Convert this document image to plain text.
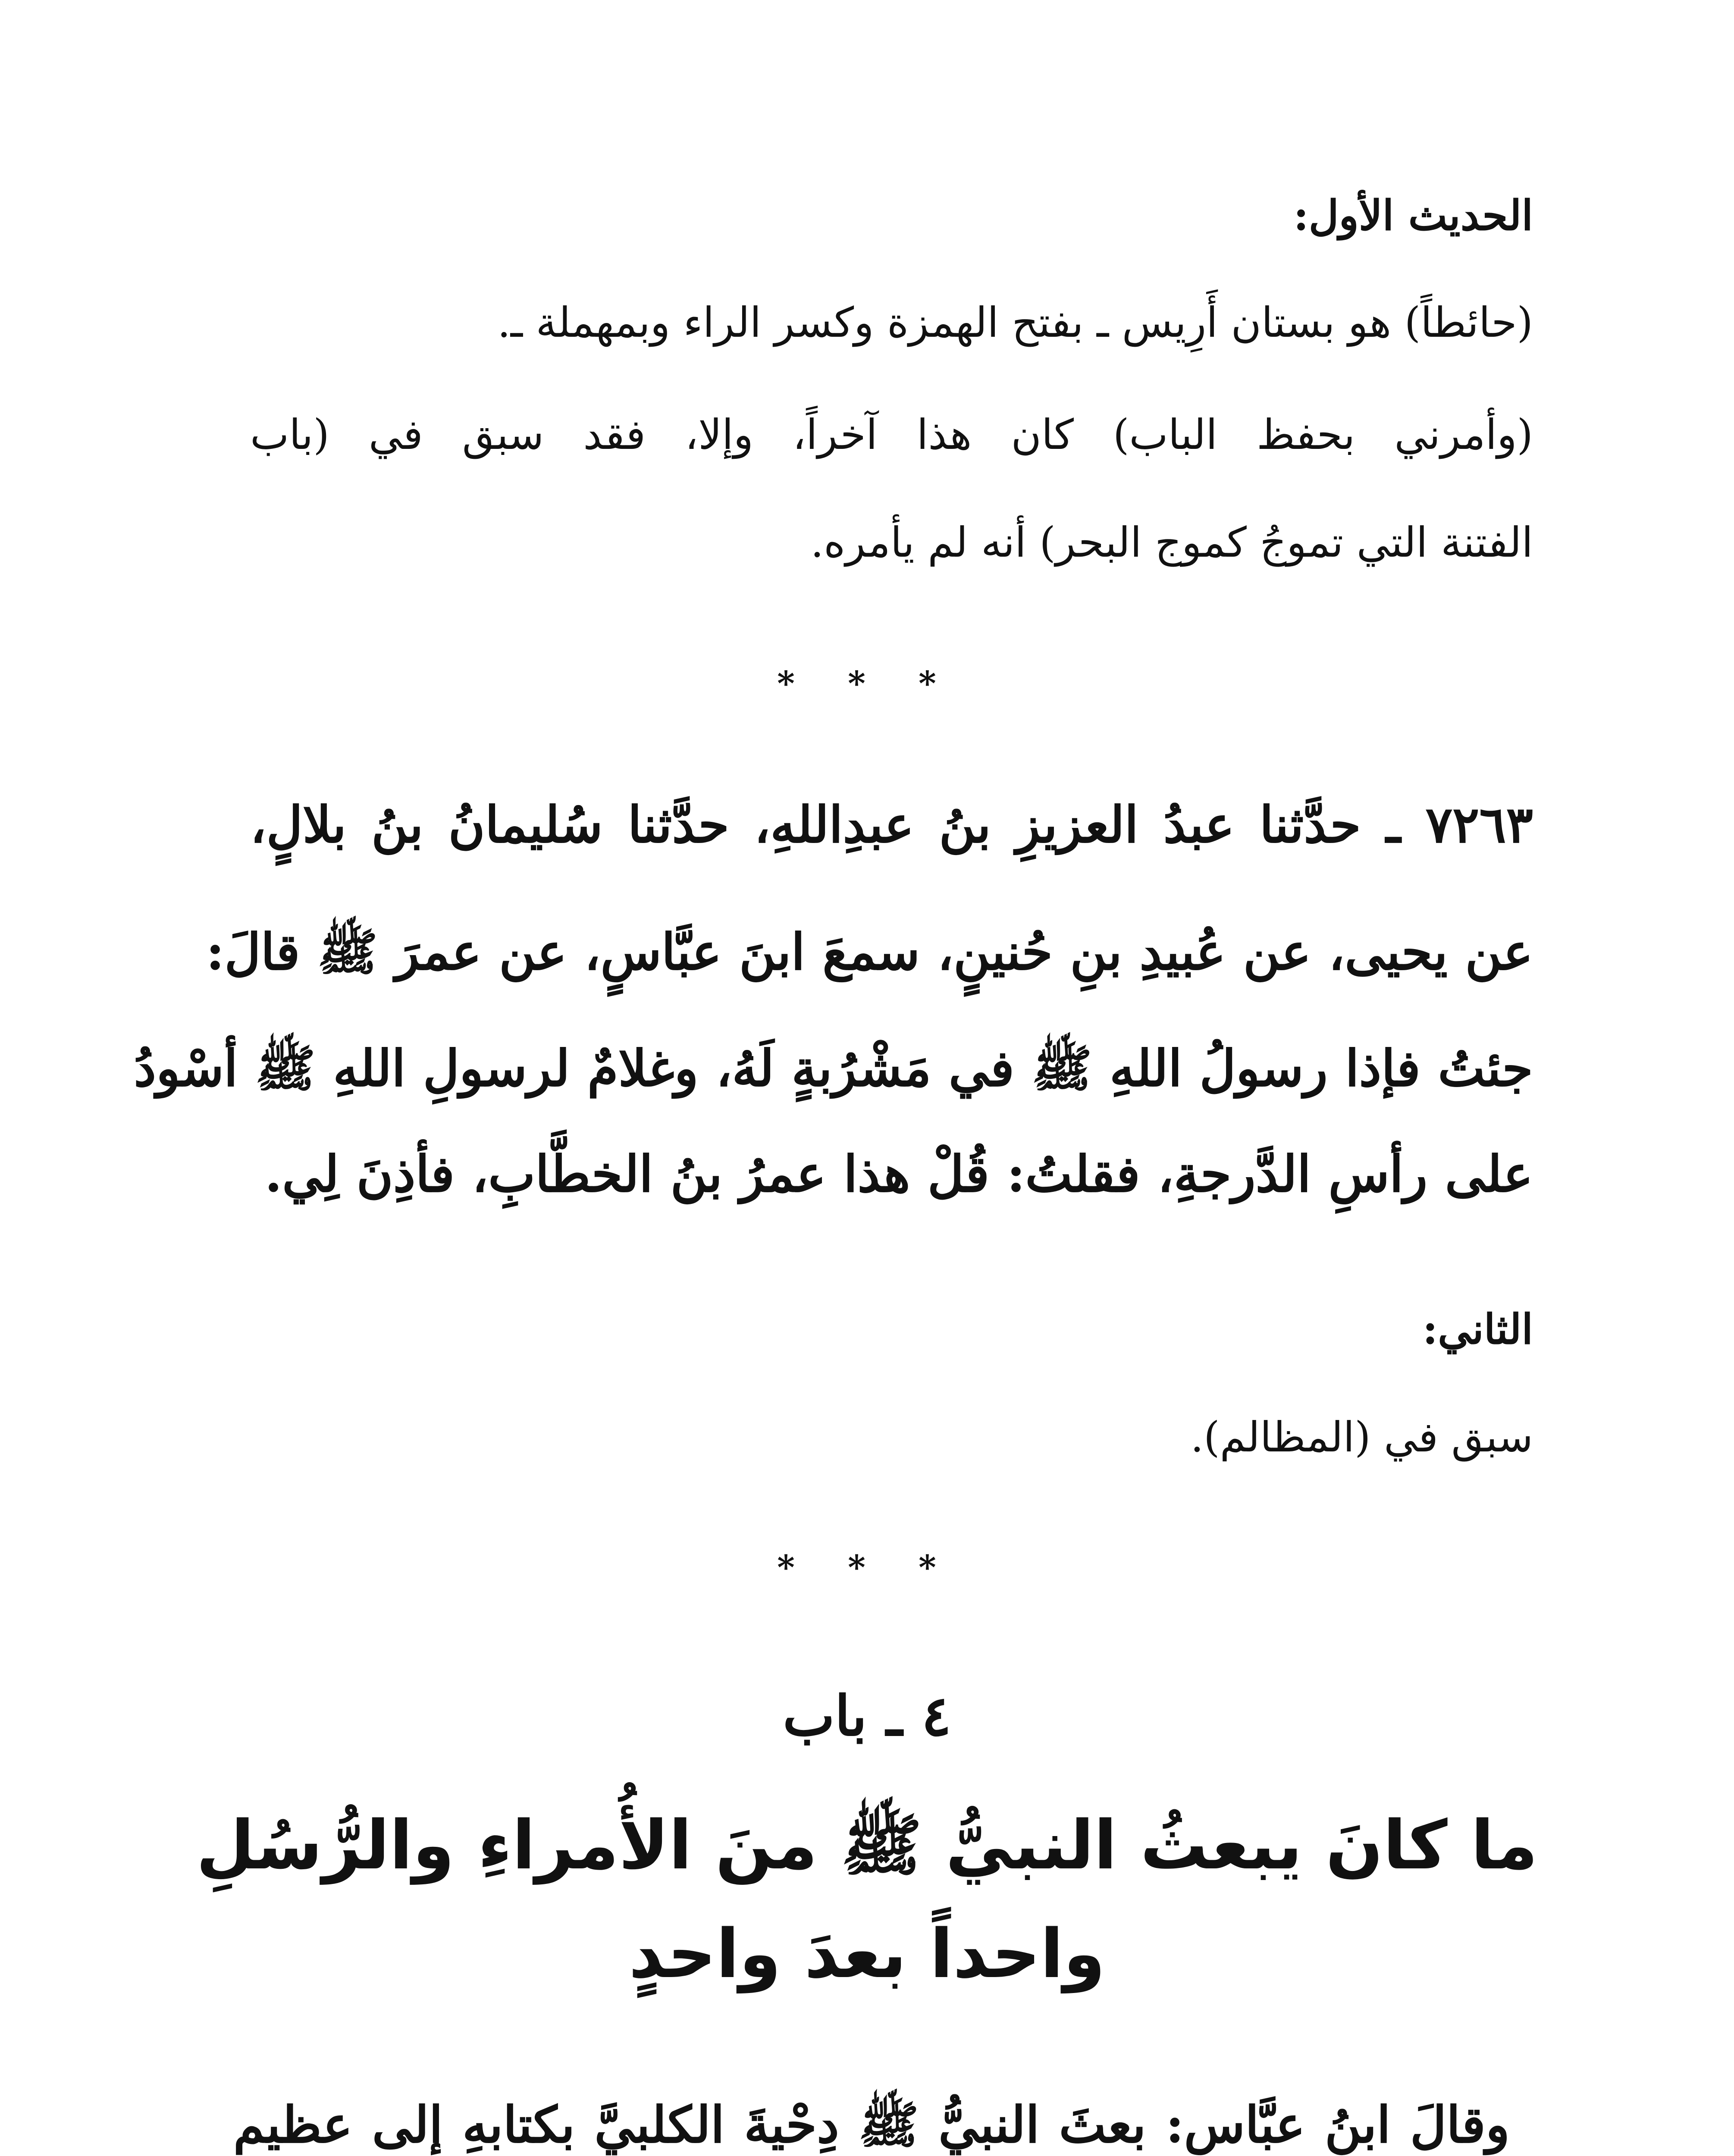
الحديث الأول:
(حائطاً) هو بستان أَرِيس ـ بفتح الهمزة وكسر الراء وبمهملة ـ.
(وأمرني بحفظ الباب) كان هذا آخراً، وإلا، فقد سبق في (باب
الفتنة التي تموجُ كموج البحر) أنه لم يأمره.
* * *
٧٢٦٣ ـ حدَّثنا عبدُ العزيزِ بنُ عبدِاللهِ، حدَّثنا سُليمانُ بنُ بلالٍ،
عن يحيى، عن عُبيدِ بنِ حُنينٍ، سمعَ ابنَ عبَّاسٍ، عن عمرَ ﷺ قالَ:
جئتُ فإذا رسولُ اللهِ ﷺ في مَشْرُبةٍ لَهُ، وغلامٌ لرسولِ اللهِ ﷺ أسْودُ
على رأسِ الدَّرجةِ، فقلتُ: قُلْ هذا عمرُ بنُ الخطَّابِ، فأذِنَ لِي.
الثاني:
سبق في (المظالم).
* * *
٤ ـ باب
ما كانَ يبعثُ النبيُّ ﷺ منَ الأُمراءِ والرُّسُلِ
واحداً بعدَ واحدٍ
وقالَ ابنُ عبَّاسٍ: بعثَ النبيُّ ﷺ دِحْيةَ الكلبيَّ بكتابهِ إلى عظيمِ
